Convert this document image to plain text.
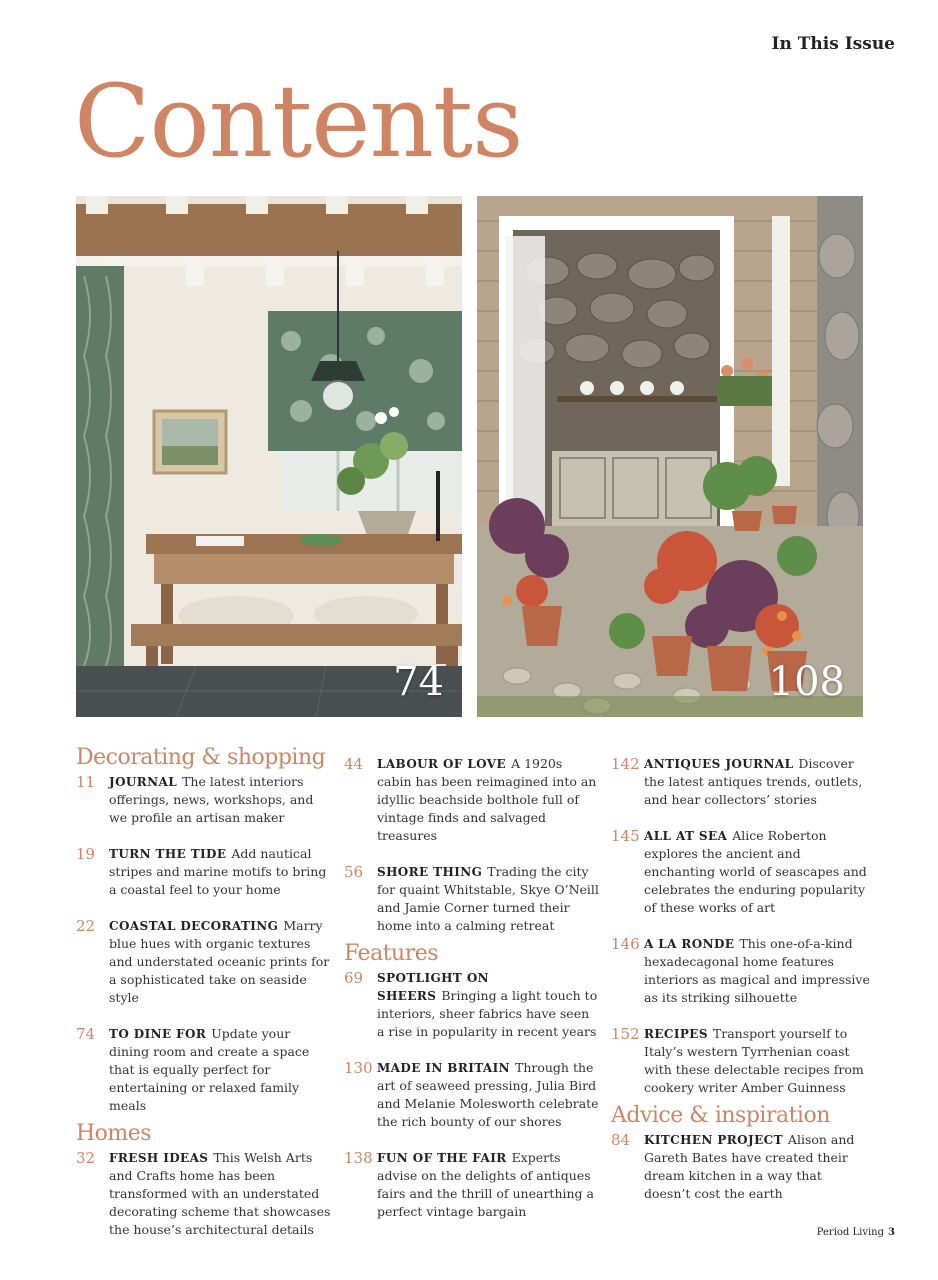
In This Issue
Contents
74	108
Decorating & shopping
11	JOURNAL The latest interiors offerings, news, workshops, and we profile an artisan maker
19	TURN THE TIDE Add nautical stripes and marine motifs to bring a coastal feel to your home
22	COASTAL DECORATING Marry blue hues with organic textures and understated oceanic prints for a sophisticated take on seaside style
74	TO DINE FOR Update your dining room and create a space that is equally perfect for entertaining or relaxed family meals
Homes
32	FRESH IDEAS This Welsh Arts and Crafts home has been transformed with an understated decorating scheme that showcases the house’s architectural details
44	LABOUR OF LOVE A 1920s cabin has been reimagined into an idyllic beachside bolthole full of vintage finds and salvaged treasures
56	SHORE THING Trading the city for quaint Whitstable, Skye O’Neill and Jamie Corner turned their home into a calming retreat
Features
69	SPOTLIGHT ON SHEERS Bringing a light touch to interiors, sheer fabrics have seen a rise in popularity in recent years
130 MADE IN BRITAIN Through the art of seaweed pressing, Julia Bird and Melanie Molesworth celebrate the rich bounty of our shores
138 FUN OF THE FAIR Experts advise on the delights of antiques fairs and the thrill of unearthing a perfect vintage bargain
142 ANTIQUES JOURNAL Discover the latest antiques trends, outlets, and hear collectors’ stories
145 ALL AT SEA Alice Roberton explores the ancient and enchanting world of seascapes and celebrates the enduring popularity of these works of art
146 A LA RONDE This one-of-a-kind hexadecagonal home features interiors as magical and impressive as its striking silhouette
152 RECIPES Transport yourself to Italy’s western Tyrrhenian coast with these delectable recipes from cookery writer Amber Guinness
Advice & inspiration
84	KITCHEN PROJECT Alison and Gareth Bates have created their dream kitchen in a way that doesn’t cost the earth
Period Living 3
